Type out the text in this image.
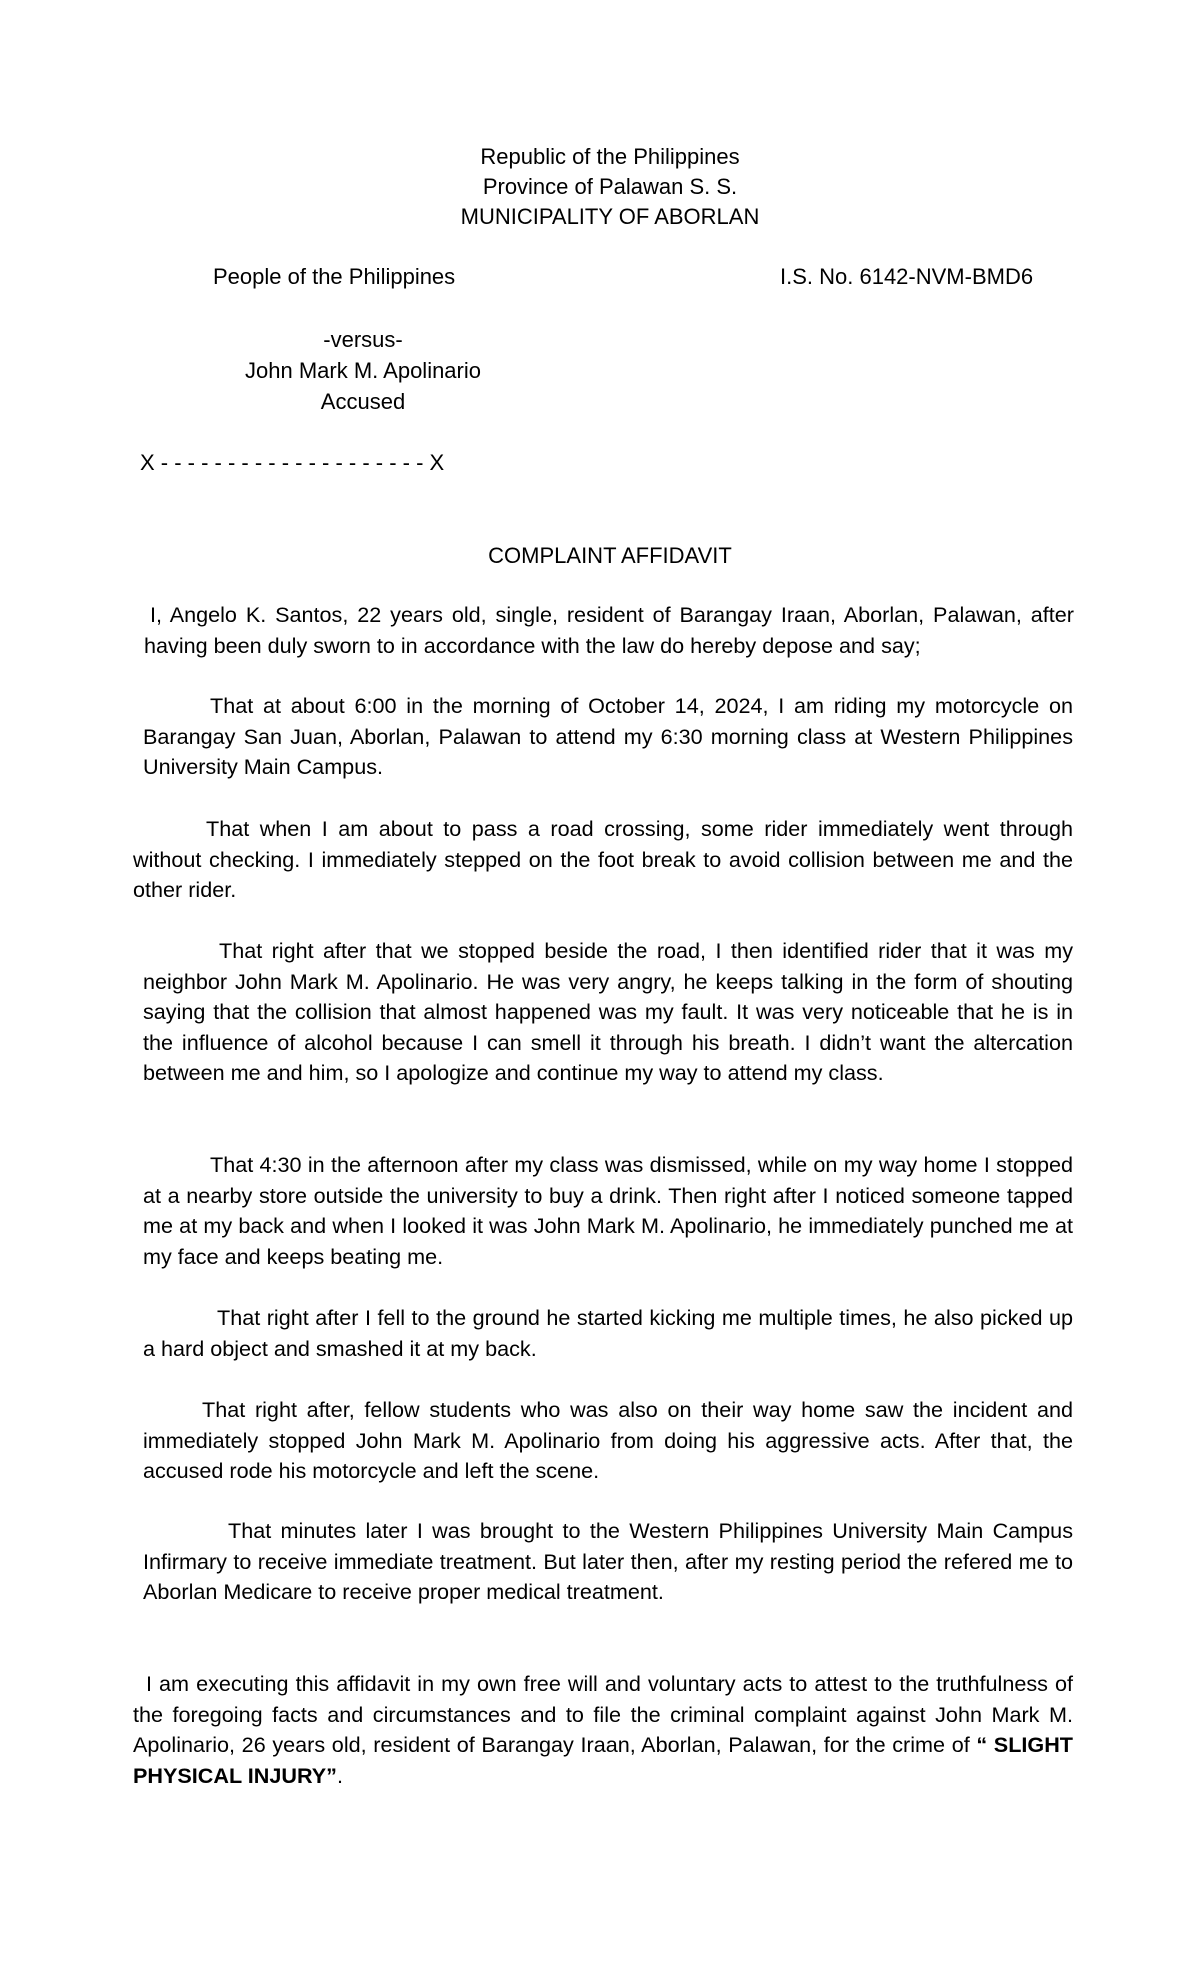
Republic of the Philippines
Province of Palawan S. S.
MUNICIPALITY OF ABORLAN
People of the Philippines	I.S. No. 6142-NVM-BMD6
-versus-
John Mark M. Apolinario
Accused
X - - - - - - - - - - - - - - - - - - - - X
COMPLAINT AFFIDAVIT

I, Angelo K. Santos, 22 years old, single, resident of Barangay Iraan, Aborlan, Palawan, after having been duly sworn to in accordance with the law do hereby depose and say;

That at about 6:00 in the morning of October 14, 2024, I am riding my motorcycle on Barangay San Juan, Aborlan, Palawan to attend my 6:30 morning class at Western Philippines University Main Campus.

That when I am about to pass a road crossing, some rider immediately went through without checking. I immediately stepped on the foot break to avoid collision between me and the other rider.

That right after that we stopped beside the road, I then identified rider that it was my neighbor John Mark M. Apolinario. He was very angry, he keeps talking in the form of shouting saying that the collision that almost happened was my fault. It was very noticeable that he is in the influence of alcohol because I can smell it through his breath. I didn’t want the altercation between me and him, so I apologize and continue my way to attend my class.

That 4:30 in the afternoon after my class was dismissed, while on my way home I stopped at a nearby store outside the university to buy a drink. Then right after I noticed someone tapped me at my back and when I looked it was John Mark M. Apolinario, he immediately punched me at my face and keeps beating me.

That right after I fell to the ground he started kicking me multiple times, he also picked up a hard object and smashed it at my back.

That right after, fellow students who was also on their way home saw the incident and immediately stopped John Mark M. Apolinario from doing his aggressive acts. After that, the accused rode his motorcycle and left the scene.

That minutes later I was brought to the Western Philippines University Main Campus Infirmary to receive immediate treatment. But later then, after my resting period the refered me to Aborlan Medicare to receive proper medical treatment.

I am executing this affidavit in my own free will and voluntary acts to attest to the truthfulness of the foregoing facts and circumstances and to file the criminal complaint against John Mark M. Apolinario, 26 years old, resident of Barangay Iraan, Aborlan, Palawan, for the crime of “ SLIGHT PHYSICAL INJURY”.
